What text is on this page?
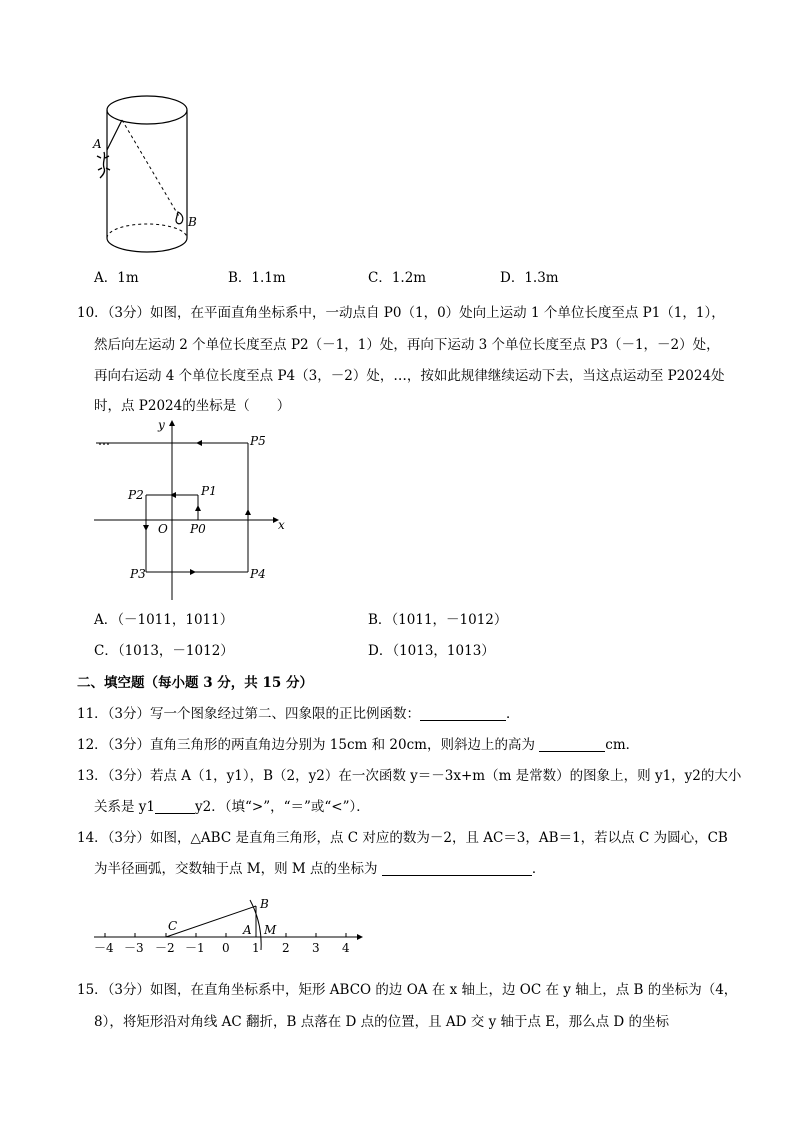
A
B
A．1m	B．1.1m	C．1.2m	D．1.3m
10．（3分）如图，在平面直角坐标系中，一动点自 P0（1，0）处向上运动 1 个单位长度至点 P1（1，1），
然后向左运动 2 个单位长度至点 P2（－1，1）处，再向下运动 3 个单位长度至点 P3（－1，－2）处，
再向右运动 4 个单位长度至点 P4（3，－2）处，…，按如此规律继续运动下去，当这点运动至 P2024处
时，点 P2024的坐标是（　　）
y
x
O
…
P0
P1
P2
P3	P4
P5
A．（－1011，1011）	B．（1011，－1012）
C．（1013，－1012）	D．（1013，1013）
二、填空题（每小题 3 分，共 15 分）
11．（3分）写一个图象经过第二、四象限的正比例函数：	．
12．（3分）直角三角形的两直角边分别为 15cm 和 20cm，则斜边上的高为	cm．
13．（3分）若点 A（1，y1），B（2，y2）在一次函数 y＝－3x+m（m 是常数）的图象上，则 y1，y2的大小
关系是 y1	y2．（填“>”，“＝”或“<”）．
14．（3分）如图，△ABC 是直角三角形，点 C 对应的数为－2，且 AC＝3，AB＝1，若以点 C 为圆心，CB
为半径画弧，交数轴于点 M，则 M 点的坐标为	．
－4 －3 －2 －1 0 1 2 3 4
C	A
B
M
15．（3分）如图，在直角坐标系中，矩形 ABCO 的边 OA 在 x 轴上，边 OC 在 y 轴上，点 B 的坐标为（4，
8），将矩形沿对角线 AC 翻折，B 点落在 D 点的位置，且 AD 交 y 轴于点 E，那么点 D 的坐标
